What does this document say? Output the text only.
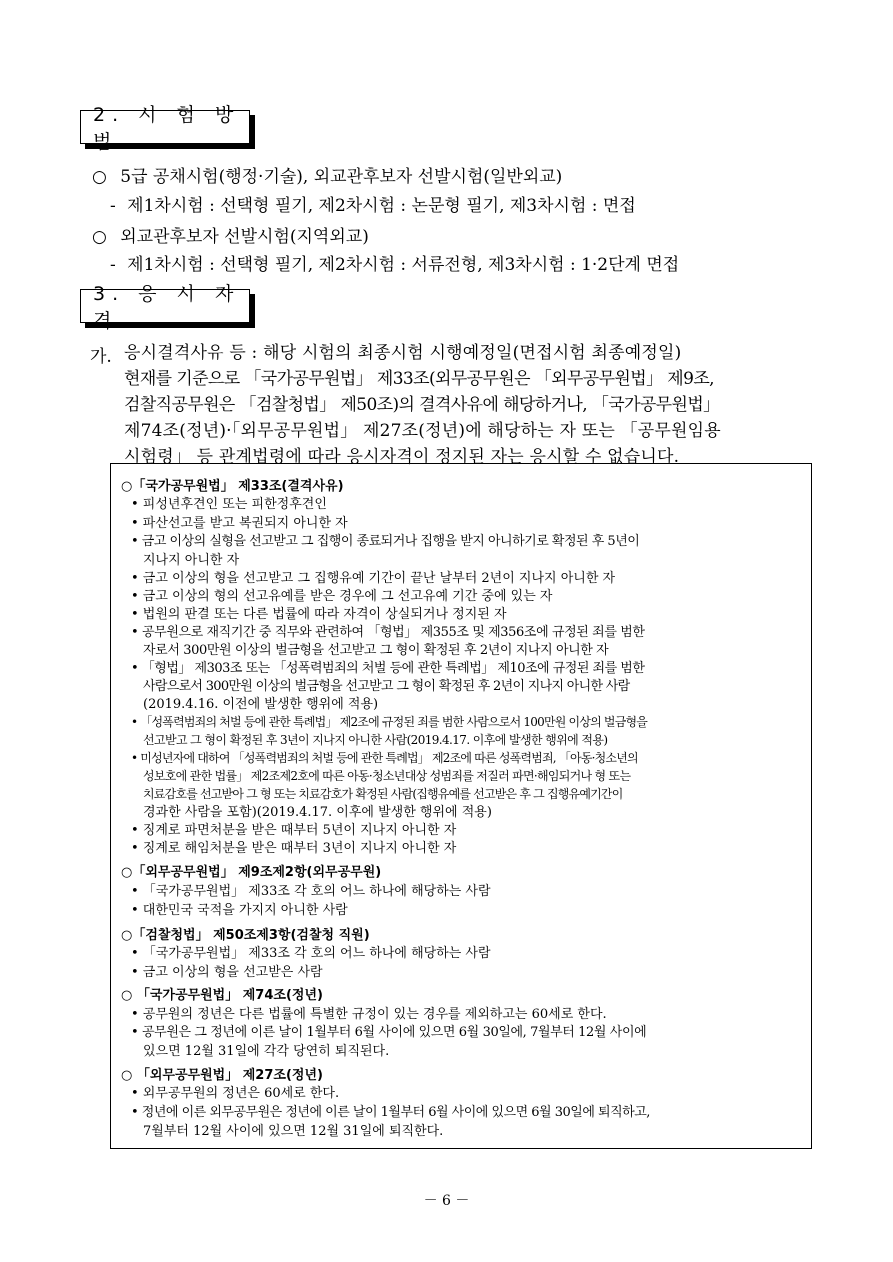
2. 시 험 방 법
○ 5급 공채시험(행정·기술), 외교관후보자 선발시험(일반외교)
- 제1차시험 : 선택형 필기, 제2차시험 : 논문형 필기, 제3차시험 : 면접
○ 외교관후보자 선발시험(지역외교)
- 제1차시험 : 선택형 필기, 제2차시험 : 서류전형, 제3차시험 : 1·2단계 면접
3. 응 시 자 격
가. 응시결격사유 등 : 해당 시험의 최종시험 시행예정일(면접시험 최종예정일)
현재를 기준으로 「국가공무원법」 제33조(외무공무원은 「외무공무원법」 제9조,
검찰직공무원은 「검찰청법」 제50조)의 결격사유에 해당하거나, 「국가공무원법」
제74조(정년)·「외무공무원법」 제27조(정년)에 해당하는 자 또는 「공무원임용
시험령」 등 관계법령에 따라 응시자격이 정지된 자는 응시할 수 없습니다.
○「국가공무원법」 제33조(결격사유)
• 피성년후견인 또는 피한정후견인
• 파산선고를 받고 복권되지 아니한 자
• 금고 이상의 실형을 선고받고 그 집행이 종료되거나 집행을 받지 아니하기로 확정된 후 5년이
지나지 아니한 자
• 금고 이상의 형을 선고받고 그 집행유예 기간이 끝난 날부터 2년이 지나지 아니한 자
• 금고 이상의 형의 선고유예를 받은 경우에 그 선고유예 기간 중에 있는 자
• 법원의 판결 또는 다른 법률에 따라 자격이 상실되거나 정지된 자
• 공무원으로 재직기간 중 직무와 관련하여 「형법」 제355조 및 제356조에 규정된 죄를 범한
자로서 300만원 이상의 벌금형을 선고받고 그 형이 확정된 후 2년이 지나지 아니한 자
• 「형법」 제303조 또는 「성폭력범죄의 처벌 등에 관한 특례법」 제10조에 규정된 죄를 범한
사람으로서 300만원 이상의 벌금형을 선고받고 그 형이 확정된 후 2년이 지나지 아니한 사람
(2019.4.16. 이전에 발생한 행위에 적용)
• 「성폭력범죄의 처벌 등에 관한 특례법」 제2조에 규정된 죄를 범한 사람으로서 100만원 이상의 벌금형을
선고받고 그 형이 확정된 후 3년이 지나지 아니한 사람(2019.4.17. 이후에 발생한 행위에 적용)
• 미성년자에 대하여 「성폭력범죄의 처벌 등에 관한 특례법」 제2조에 따른 성폭력범죄, 「아동·청소년의
성보호에 관한 법률」 제2조제2호에 따른 아동·청소년대상 성범죄를 저질러 파면·해임되거나 형 또는
치료감호를 선고받아 그 형 또는 치료감호가 확정된 사람(집행유예를 선고받은 후 그 집행유예기간이
경과한 사람을 포함)(2019.4.17. 이후에 발생한 행위에 적용)
• 징계로 파면처분을 받은 때부터 5년이 지나지 아니한 자
• 징계로 해임처분을 받은 때부터 3년이 지나지 아니한 자
○「외무공무원법」 제9조제2항(외무공무원)
• 「국가공무원법」 제33조 각 호의 어느 하나에 해당하는 사람
• 대한민국 국적을 가지지 아니한 사람
○「검찰청법」 제50조제3항(검찰청 직원)
• 「국가공무원법」 제33조 각 호의 어느 하나에 해당하는 사람
• 금고 이상의 형을 선고받은 사람
○ 「국가공무원법」 제74조(정년)
• 공무원의 정년은 다른 법률에 특별한 규정이 있는 경우를 제외하고는 60세로 한다.
• 공무원은 그 정년에 이른 날이 1월부터 6월 사이에 있으면 6월 30일에, 7월부터 12월 사이에
있으면 12월 31일에 각각 당연히 퇴직된다.
○ 「외무공무원법」 제27조(정년)
• 외무공무원의 정년은 60세로 한다.
• 정년에 이른 외무공무원은 정년에 이른 날이 1월부터 6월 사이에 있으면 6월 30일에 퇴직하고,
7월부터 12월 사이에 있으면 12월 31일에 퇴직한다.
－ 6 －
